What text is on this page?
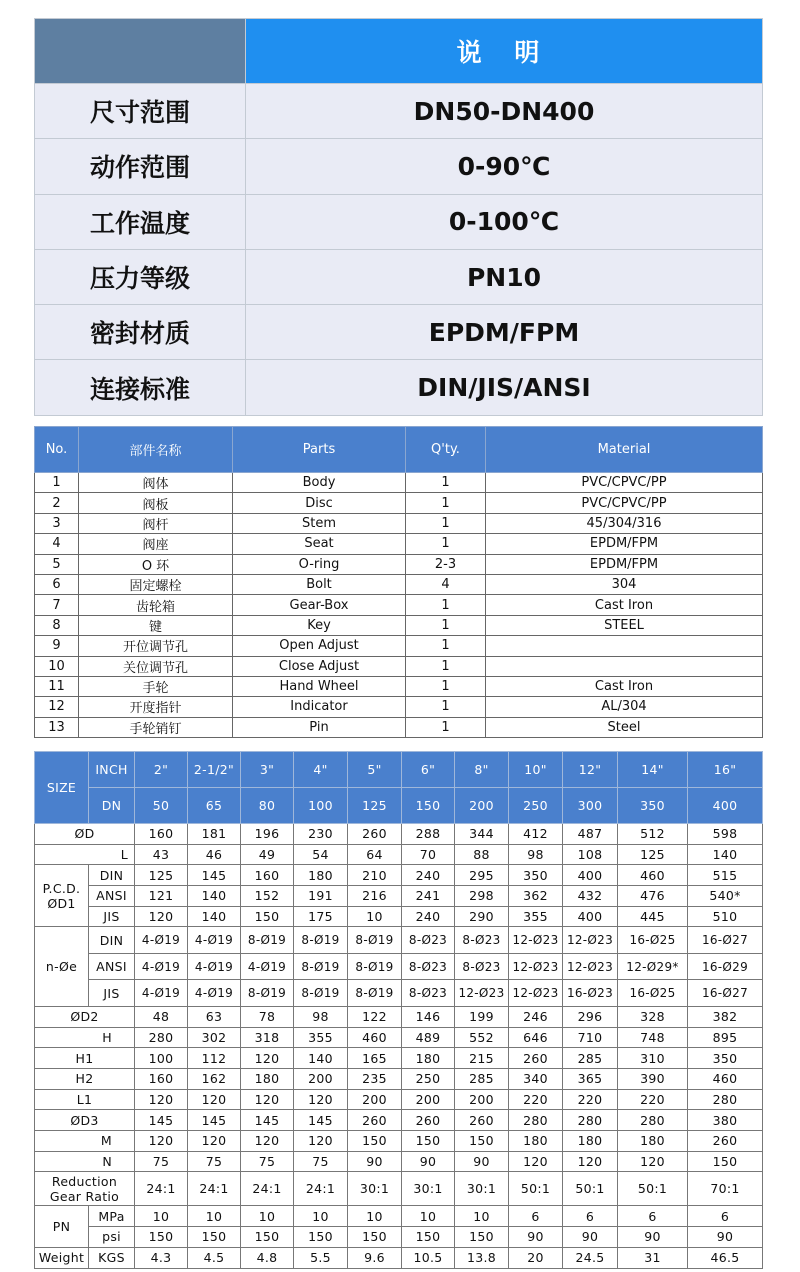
	说 明
尺寸范围	DN50-DN400
动作范围	0-90℃
工作温度	0-100℃
压力等级	PN10
密封材质	EPDM/FPM
连接标准	DIN/JIS/ANSI
No.	部件名称	Parts	Q'ty.	Material
1	阀体	Body	1	PVC/CPVC/PP
2	阀板	Disc	1	PVC/CPVC/PP
3	阀杆	Stem	1	45/304/316
4	阀座	Seat	1	EPDM/FPM
5	O 环	O-ring	2-3	EPDM/FPM
6	固定螺栓	Bolt	4	304
7	齿轮箱	Gear-Box	1	Cast Iron
8	键	Key	1	STEEL
9	开位调节孔	Open Adjust	1	
10	关位调节孔	Close Adjust	1	
11	手轮	Hand Wheel	1	Cast Iron
12	开度指针	Indicator	1	AL/304
13	手轮销钉	Pin	1	Steel
SIZE	INCH	2"	2-1/2"	3"	4"	5"	6"	8"	10"	12"	14"	16"
	DN	50	65	80	100	125	150	200	250	300	350	400
ØD		160	181	196	230	260	288	344	412	487	512	598
L		43	46	49	54	64	70	88	98	108	125	140

P.C.D.
ØD1	DIN	125	145	160	180	210	240	295	350	400	460	515
	ANSI	121	140	152	191	216	241	298	362	432	476	540*
	JIS	120	140	150	175	10	240	290	355	400	445	510
n-Øe	DIN	4-Ø19	4-Ø19	8-Ø19	8-Ø19	8-Ø19	8-Ø23	8-Ø23	12-Ø23	12-Ø23	16-Ø25	16-Ø27
	ANSI	4-Ø19	4-Ø19	4-Ø19	8-Ø19	8-Ø19	8-Ø23	8-Ø23	12-Ø23	12-Ø23	12-Ø29*	16-Ø29
	JIS	4-Ø19	4-Ø19	8-Ø19	8-Ø19	8-Ø19	8-Ø23	12-Ø23	12-Ø23	16-Ø23	16-Ø25	16-Ø27
ØD2		48	63	78	98	122	146	199	246	296	328	382
H		280	302	318	355	460	489	552	646	710	748	895
H1		100	112	120	140	165	180	215	260	285	310	350
H2		160	162	180	200	235	250	285	340	365	390	460
L1		120	120	120	120	200	200	200	220	220	220	280
ØD3		145	145	145	145	260	260	260	280	280	280	380
M		120	120	120	120	150	150	150	180	180	180	260
N		75	75	75	75	90	90	90	120	120	120	150

Reduction
Gear Ratio		24:1	24:1	24:1	24:1	30:1	30:1	30:1	50:1	50:1	50:1	70:1
PN	MPa	10	10	10	10	10	10	10	6	6	6	6
	psi	150	150	150	150	150	150	150	90	90	90	90
Weight	KGS	4.3	4.5	4.8	5.5	9.6	10.5	13.8	20	24.5	31	46.5
